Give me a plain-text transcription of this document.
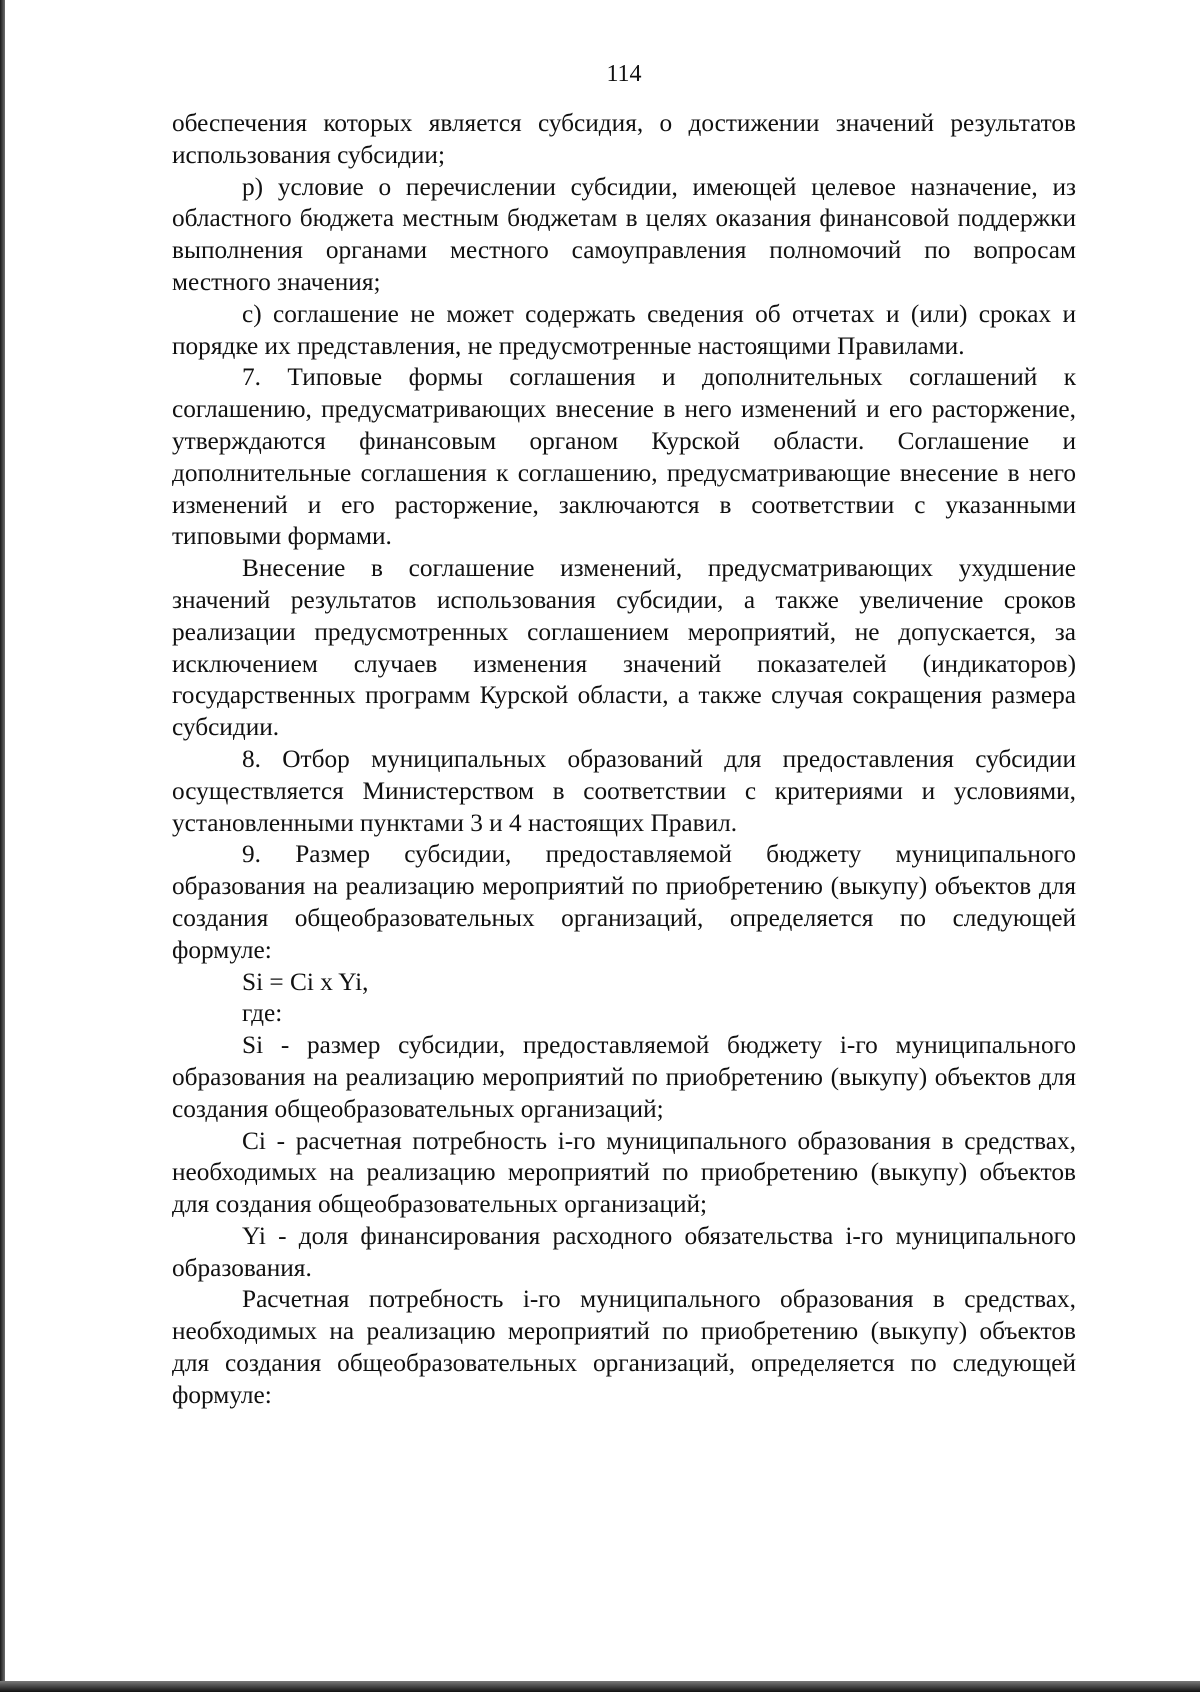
114

обеспечения которых является субсидия, о достижении значений результатов использования субсидии;

р) условие о перечислении субсидии, имеющей целевое назначение, из областного бюджета местным бюджетам в целях оказания финансовой поддержки выполнения органами местного самоуправления полномочий по вопросам местного значения;

с) соглашение не может содержать сведения об отчетах и (или) сроках и порядке их представления, не предусмотренные настоящими Правилами.

7. Типовые формы соглашения и дополнительных соглашений к соглашению, предусматривающих внесение в него изменений и его расторжение, утверждаются финансовым органом Курской области. Соглашение и дополнительные соглашения к соглашению, предусматривающие внесение в него изменений и его расторжение, заключаются в соответствии с указанными типовыми формами.

Внесение в соглашение изменений, предусматривающих ухудшение значений результатов использования субсидии, а также увеличение сроков реализации предусмотренных соглашением мероприятий, не допускается, за исключением случаев изменения значений показателей (индикаторов) государственных программ Курской области, а также случая сокращения размера субсидии.

8. Отбор муниципальных образований для предоставления субсидии осуществляется Министерством в соответствии с критериями и условиями, установленными пунктами 3 и 4 настоящих Правил.

9. Размер субсидии, предоставляемой бюджету муниципального образования на реализацию мероприятий по приобретению (выкупу) объектов для создания общеобразовательных организаций, определяется по следующей формуле:

Si = Ci x Yi,

где:

Si - размер субсидии, предоставляемой бюджету i-го муниципального образования на реализацию мероприятий по приобретению (выкупу) объектов для создания общеобразовательных организаций;

Ci - расчетная потребность i-го муниципального образования в средствах, необходимых на реализацию мероприятий по приобретению (выкупу) объектов для создания общеобразовательных организаций;

Yi - доля финансирования расходного обязательства i-го муниципального образования.

Расчетная потребность i-го муниципального образования в средствах, необходимых на реализацию мероприятий по приобретению (выкупу) объектов для создания общеобразовательных организаций, определяется по следующей формуле:
